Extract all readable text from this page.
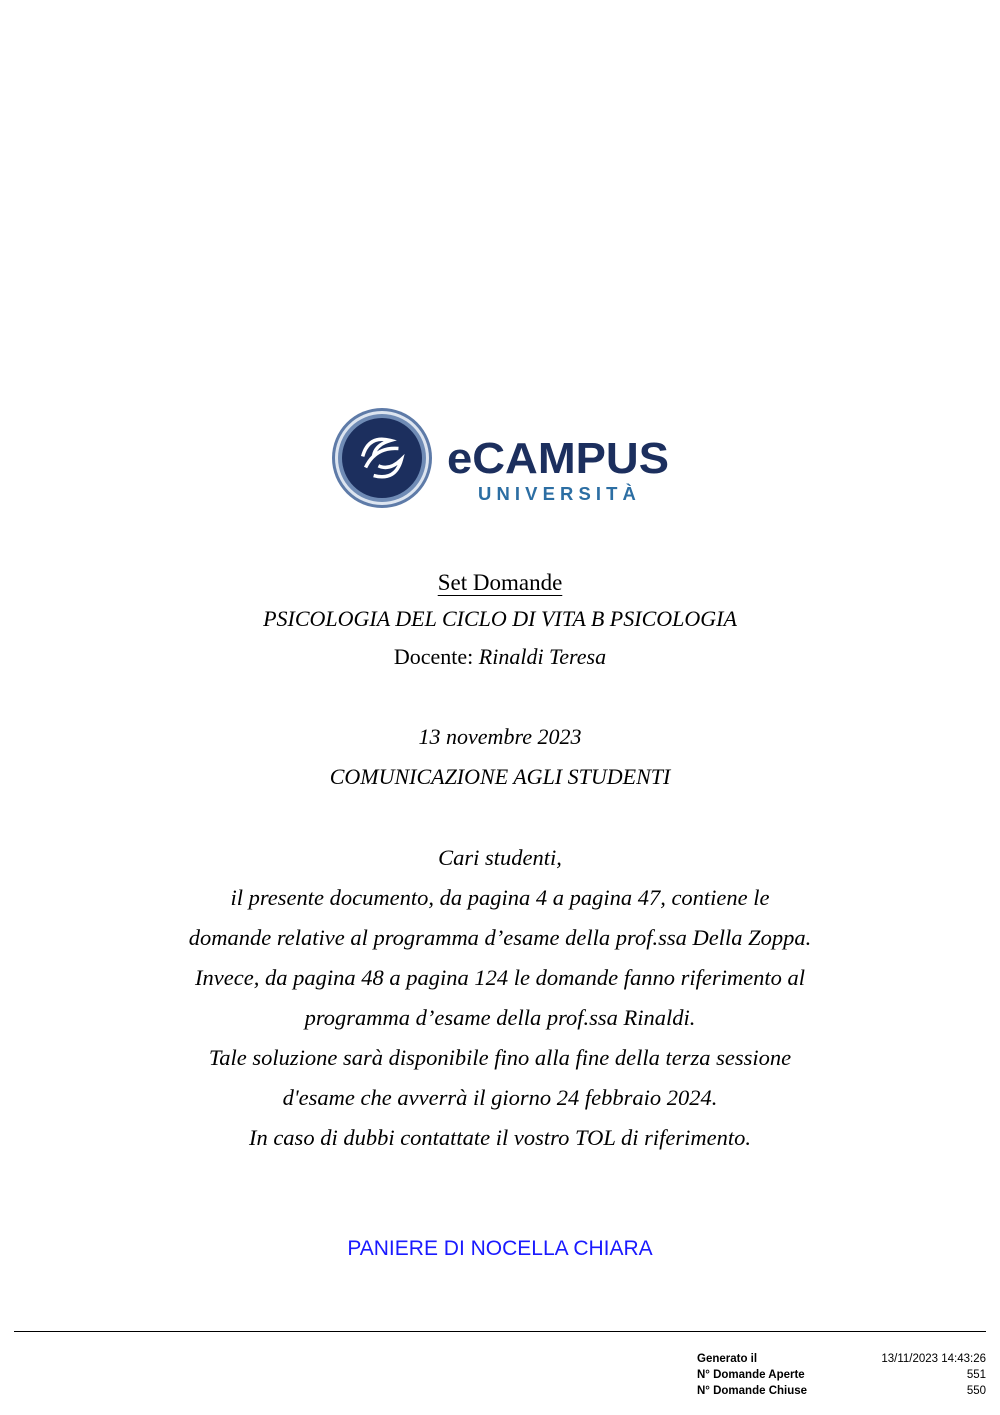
eCAMPUS
UNIVERSITÀ
Set Domande
PSICOLOGIA DEL CICLO DI VITA B PSICOLOGIA
Docente: Rinaldi Teresa
13 novembre 2023
COMUNICAZIONE AGLI STUDENTI
Cari studenti,
il presente documento, da pagina 4 a pagina 47, contiene le
domande relative al programma d’esame della prof.ssa Della Zoppa.
Invece, da pagina 48 a pagina 124 le domande fanno riferimento al
programma d’esame della prof.ssa Rinaldi.
Tale soluzione sarà disponibile fino alla fine della terza sessione
d'esame che avverrà il giorno 24 febbraio 2024.
In caso di dubbi contattate il vostro TOL di riferimento.
PANIERE DI NOCELLA CHIARA
Generato il	13/11/2023 14:43:26
N° Domande Aperte	551
N° Domande Chiuse	550
